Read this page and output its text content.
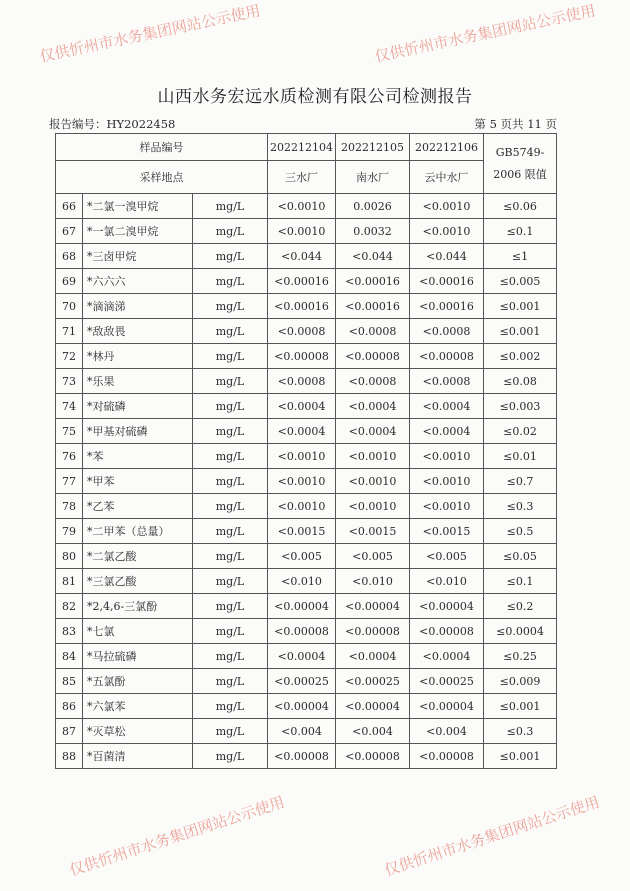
山西水务宏远水质检测有限公司检测报告
报告编号：HY2022458	第 5 页共 11 页
样品编号			202212104	202212105	202212106	GB5749-2006 限值
采样地点			三水厂	南水厂	云中水厂	
66	*二氯一溴甲烷	mg/L	<0.0010	0.0026	<0.0010	≤0.06
67	*一氯二溴甲烷	mg/L	<0.0010	0.0032	<0.0010	≤0.1
68	*三卤甲烷	mg/L	<0.044	<0.044	<0.044	≤1
69	*六六六	mg/L	<0.00016	<0.00016	<0.00016	≤0.005
70	*滴滴涕	mg/L	<0.00016	<0.00016	<0.00016	≤0.001
71	*敌敌畏	mg/L	<0.0008	<0.0008	<0.0008	≤0.001
72	*林丹	mg/L	<0.00008	<0.00008	<0.00008	≤0.002
73	*乐果	mg/L	<0.0008	<0.0008	<0.0008	≤0.08
74	*对硫磷	mg/L	<0.0004	<0.0004	<0.0004	≤0.003
75	*甲基对硫磷	mg/L	<0.0004	<0.0004	<0.0004	≤0.02
76	*苯	mg/L	<0.0010	<0.0010	<0.0010	≤0.01
77	*甲苯	mg/L	<0.0010	<0.0010	<0.0010	≤0.7
78	*乙苯	mg/L	<0.0010	<0.0010	<0.0010	≤0.3
79	*二甲苯（总量）	mg/L	<0.0015	<0.0015	<0.0015	≤0.5
80	*二氯乙酸	mg/L	<0.005	<0.005	<0.005	≤0.05
81	*三氯乙酸	mg/L	<0.010	<0.010	<0.010	≤0.1
82	*2,4,6-三氯酚	mg/L	<0.00004	<0.00004	<0.00004	≤0.2
83	*七氯	mg/L	<0.00008	<0.00008	<0.00008	≤0.0004
84	*马拉硫磷	mg/L	<0.0004	<0.0004	<0.0004	≤0.25
85	*五氯酚	mg/L	<0.00025	<0.00025	<0.00025	≤0.009
86	*六氯苯	mg/L	<0.00004	<0.00004	<0.00004	≤0.001
87	*灭草松	mg/L	<0.004	<0.004	<0.004	≤0.3
88	*百菌清	mg/L	<0.00008	<0.00008	<0.00008	≤0.001
仅供忻州市水务集团网站公示使用	仅供忻州市水务集团网站公示使用
仅供忻州市水务集团网站公示使用	仅供忻州市水务集团网站公示使用
